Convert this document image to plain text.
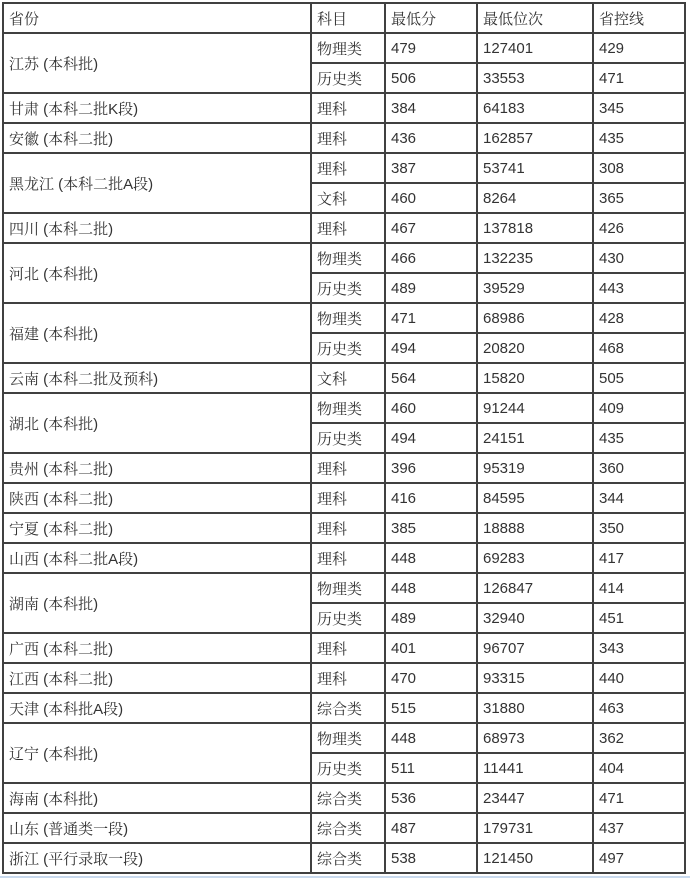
省份	科目	最低分	最低位次	省控线
江苏 (本科批)	物理类	479	127401	429
	历史类	506	33553	471
甘肃 (本科二批K段)	理科	384	64183	345
安徽 (本科二批)	理科	436	162857	435
黑龙江 (本科二批A段)	理科	387	53741	308
	文科	460	8264	365
四川 (本科二批)	理科	467	137818	426
河北 (本科批)	物理类	466	132235	430
	历史类	489	39529	443
福建 (本科批)	物理类	471	68986	428
	历史类	494	20820	468
云南 (本科二批及预科)	文科	564	15820	505
湖北 (本科批)	物理类	460	91244	409
	历史类	494	24151	435
贵州 (本科二批)	理科	396	95319	360
陕西 (本科二批)	理科	416	84595	344
宁夏 (本科二批)	理科	385	18888	350
山西 (本科二批A段)	理科	448	69283	417
湖南 (本科批)	物理类	448	126847	414
	历史类	489	32940	451
广西 (本科二批)	理科	401	96707	343
江西 (本科二批)	理科	470	93315	440
天津 (本科批A段)	综合类	515	31880	463
辽宁 (本科批)	物理类	448	68973	362
	历史类	511	11441	404
海南 (本科批)	综合类	536	23447	471
山东 (普通类一段)	综合类	487	179731	437
浙江 (平行录取一段)	综合类	538	121450	497
